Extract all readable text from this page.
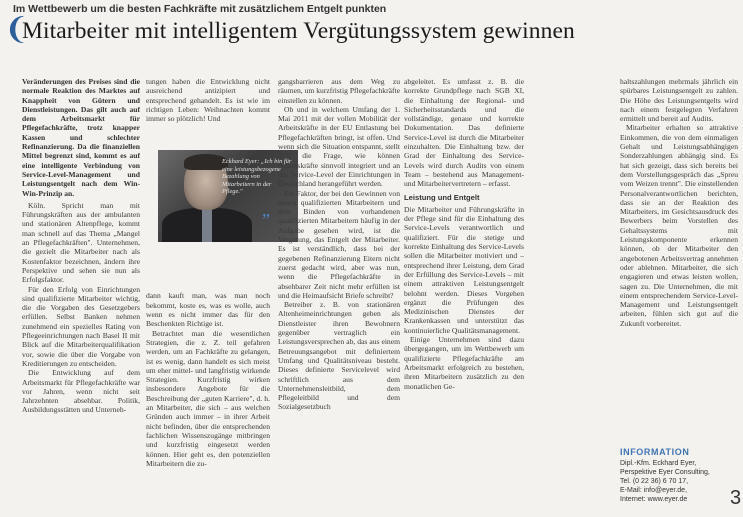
Im Wettbewerb um die besten Fachkräfte mit zusätzlichem Entgelt punkten
❨
Mitarbeiter mit intelligentem Vergütungssystem gewinnen

Veränderungen des Preises sind die normale Reaktion des Marktes auf Knappheit von Gütern und Dienstleistungen. Das gilt auch auf dem Arbeitsmarkt für Pflegefachkräfte, trotz knapper Kassen und schlechter Refinanzierung. Da die finanziellen Mittel begrenzt sind, kommt es auf eine intelligente Verbindung von Service-Level-Management und Leistungsentgelt nach dem Win-Win-Prinzip an.

Köln. Spricht man mit Führungskräften aus der ambulanten und stationären Altenpflege, kommt man schnell auf das Thema „Mangel an Pflegefachkräften". Unternehmen, die gezielt die Mitarbeiter nach als Kostenfaktor bezeichnen, ändern ihre Perspektive und sehen sie nun als Erfolgsfaktor.

Für den Erfolg von Einrichtungen sind qualifizierte Mitarbeiter wichtig, die die Vorgaben des Gesetzgebers erfüllen. Selbst Banken nehmen zunehmend ein spezielles Rating von Pflegeeinrichtungen nach Basel II mit Blick auf die Mitarbeiterqualifikation vor, sowie die über die Vorgabe von Kreditierungen zu entscheiden.

Die Entwicklung auf dem Arbeitsmarkt für Pflegefachkräfte war vor Jahren, wenn nicht seit Jahrzehnten absehbar. Politik, Ausbildungsstätten und Unterneh-

tungen haben die Entwicklung nicht ausreichend antizipiert und entsprechend gehandelt. Es ist wie im richtigen Leben: Weihnachten kommt immer so plötzlich! Und

dann kauft man, was man noch bekommt, koste es, was es wolle, auch wenn es nicht immer das für den Beschenkten Richtige ist.

Betrachtet man die wesentlichen Strategien, die z. Z. teil gefahren werden, um an Fachkräfte zu gelangen, ist es wenig, dann handelt es sich meist um eher mittel- und langfristig wirkende Strategien. Kurzfristig wirken insbesondere Angebote für die Beschreibung der „guten Karriere", d. h. an Mitarbeiter, die sich – aus welchen Gründen auch immer – in ihrer Arbeit nicht befinden, über die entsprechenden fachlichen Wissenszugänge mitbringen und kurzfristig eingesetzt werden können. Hier geht es, den potenziellen Mitarbeitern die zu-

Eckhard Eyer: „Ich bin für eine leistungsbezogene Bezahlung von Mitarbeitern in der Pflege."
”

gangsbarrieren aus dem Weg zu räumen, um kurzfristig Pflegefachkräfte einstellen zu können.

Ob und in welchem Umfang der 1. Mai 2011 mit der vollen Mobilität der Arbeitskräfte in der EU Entlastung bei Pflegefachkräften bringt, ist offen. Und wenn sich die Situation entspannt, stellt sich die Frage, wie können Arbeitskräfte sinnvoll integriert und an das Service-Level der Einrichtungen in Deutschland herangeführt werden.

Ein Faktor, der bei den Gewinnen von neuen qualifizierten Mitarbeitern und dem Binden von vorhandenen qualifizierten Mitarbeitern häufig in der Aufgabe gesehen wird, ist die Vergütung, das Entgelt der Mitarbeiter. Es ist verständlich, dass bei der gegebenen Refinanzierung Eitern nicht zuerst gedacht wird, aber was nun, wenn die Pflegefachkräfte in absehbarer Zeit nicht mehr erfüllen ist und die Heimaufsicht Briefe schreibt?

Betreiber z. B. von stationären Altenheimeinrichtungen geben als Dienstleister ihren Bewohnern gegenüber vertraglich ein Leistungsversprechen ab, das aus einem Betreuungsangebot mit definiertem Umfang und Qualitätsniveau besteht. Dieses definierte Servicelevel wird schriftlich aus dem Unternehmensleitbild, dem Pflegeleitbild und dem Sozialgesetzbuch

abgeleitet. Es umfasst z. B. die korrekte Grundpflege nach SGB XI, die Einhaltung der Regional- und Sicherheitsstandards und die vollständige, genaue und korrekte Dokumentation. Das definierte Service-Level ist durch die Mitarbeiter einzuhalten. Die Einhaltung bzw. der Grad der Einhaltung des Service-Levels wird durch Audits von einem Team – bestehend aus Management- und Mitarbeitervertretern – erfasst.

Leistung und Entgelt

Die Mitarbeiter und Führungskräfte in der Pflege sind für die Einhaltung des Service-Levels verantwortlich und qualifiziert. Für die stetige und korrekte Einhaltung des Service-Levels sollen die Mitarbeiter motiviert und – entsprechend ihrer Leistung, dem Grad der Erfüllung des Service-Levels – mit einem attraktiven Leistungsentgelt belohnt werden. Dieses Vorgehen ergänzt die Prüfungen des Medizinischen Dienstes der Krankenkassen und unterstützt das kontinuierliche Qualitätsmanagement.

Einige Unternehmen sind dazu übergegangen, um im Wettbewerb um qualifizierte Pflegefachkräfte am Arbeitsmarkt erfolgreich zu bestehen, ihren Mitarbeitern zusätzlich zu den monatlichen Ge-

haltszahlungen mehrmals jährlich ein spürbares Leistungsentgelt zu zahlen. Die Höhe des Leistungsentgelts wird nach einem festgelegten Verfahren ermittelt und bereit auf Audits.

Mitarbeiter erhalten so attraktive Einkommen, die von dem einmaligen Gehalt und Leistungsabhängigen Sonderzahlungen abhängig sind. Es hat sich gezeigt, dass sich bereits bei dem Vorstellungsgespräch das „Spreu vom Weizen trennt". Die einstellenden Personalverantwortlichen berichten, dass sie an der Reaktion des Mitarbeiters, im Gesichtsausdruck des Bewerbers beim Vorstellen des Gehaltssystems mit Leistungskomponente erkennen können, ob der Mitarbeiter den angebotenen Arbeitsvertrag annehmen oder ablehnen. Mitarbeiter, die sich engagieren und etwas leisten wollen, sagen zu. Die Unternehmen, die mit einem entsprechendem Service-Level-Management und Leistungsentgelt arbeiten, fühlen sich gut auf die Zukunft vorbereitet.

INFORMATION
Dipl.-Kfm. Eckhard Eyer,
Perspektive Eyer Consulting,
Tel. (0 22 36) 6 70 17,
E-Mail: info@eyer.de,
Internet: www.eyer.de	3
